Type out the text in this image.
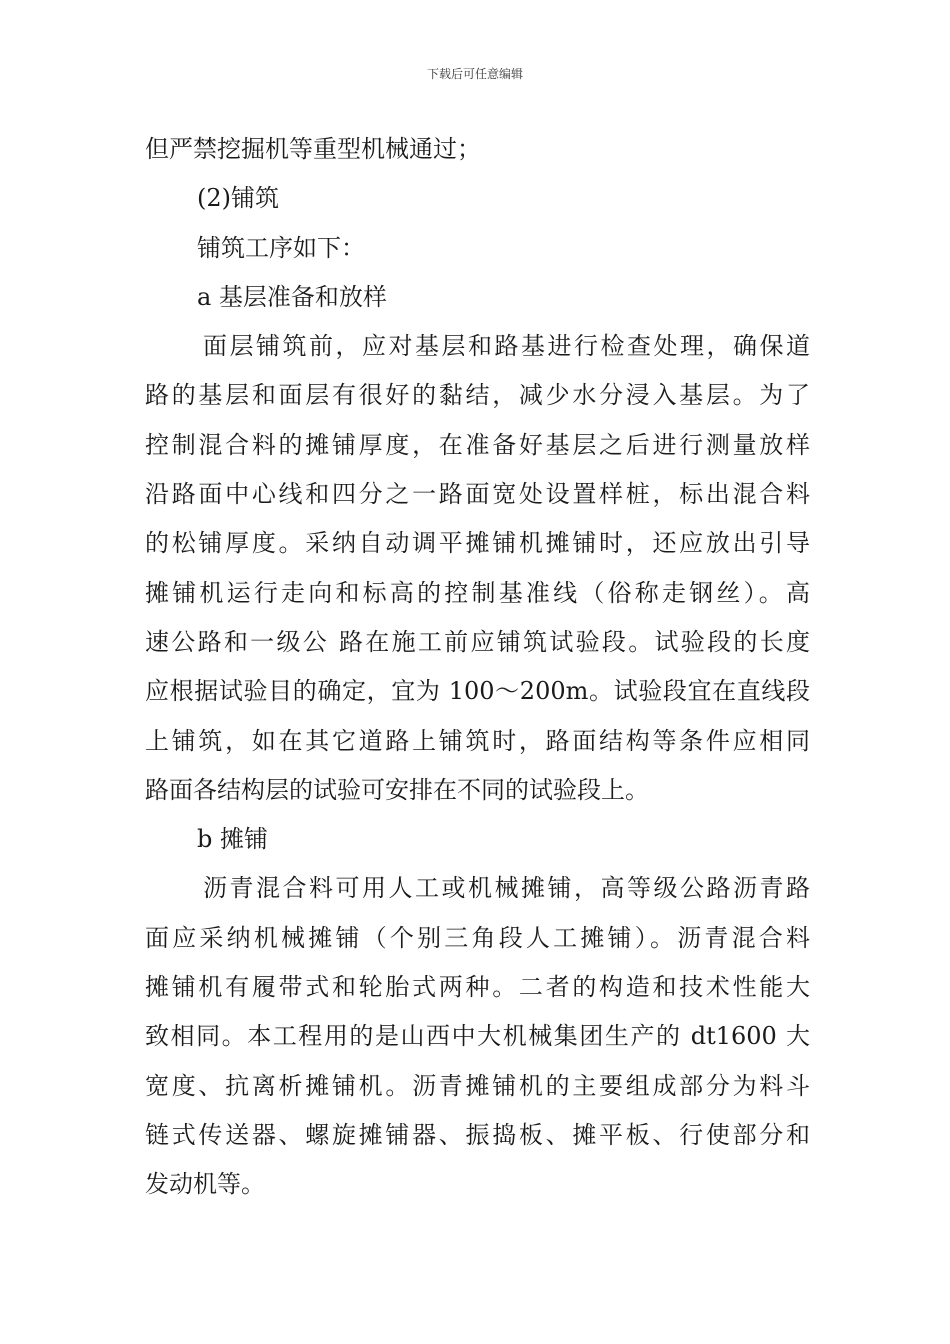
下载后可任意编辑
但严禁挖掘机等重型机械通过；
(2)铺筑
铺筑工序如下：
a 基层准备和放样
面层铺筑前，应对基层和路基进行检查处理，确保道
路的基层和面层有很好的黏结，减少水分浸入基层。为了
控制混合料的摊铺厚度，在准备好基层之后进行测量放样
沿路面中心线和四分之一路面宽处设置样桩，标出混合料
的松铺厚度。采纳自动调平摊铺机摊铺时，还应放出引导
摊铺机运行走向和标高的控制基准线（俗称走钢丝）。高
速公路和一级公 路在施工前应铺筑试验段。试验段的长度
应根据试验目的确定，宜为 100～200m。试验段宜在直线段
上铺筑，如在其它道路上铺筑时，路面结构等条件应相同
路面各结构层的试验可安排在不同的试验段上。
b 摊铺
沥青混合料可用人工或机械摊铺，高等级公路沥青路
面应采纳机械摊铺（个别三角段人工摊铺）。沥青混合料
摊铺机有履带式和轮胎式两种。二者的构造和技术性能大
致相同。本工程用的是山西中大机械集团生产的 dt1600 大
宽度、抗离析摊铺机。沥青摊铺机的主要组成部分为料斗
链式传送器、螺旋摊铺器、振捣板、摊平板、行使部分和
发动机等。
